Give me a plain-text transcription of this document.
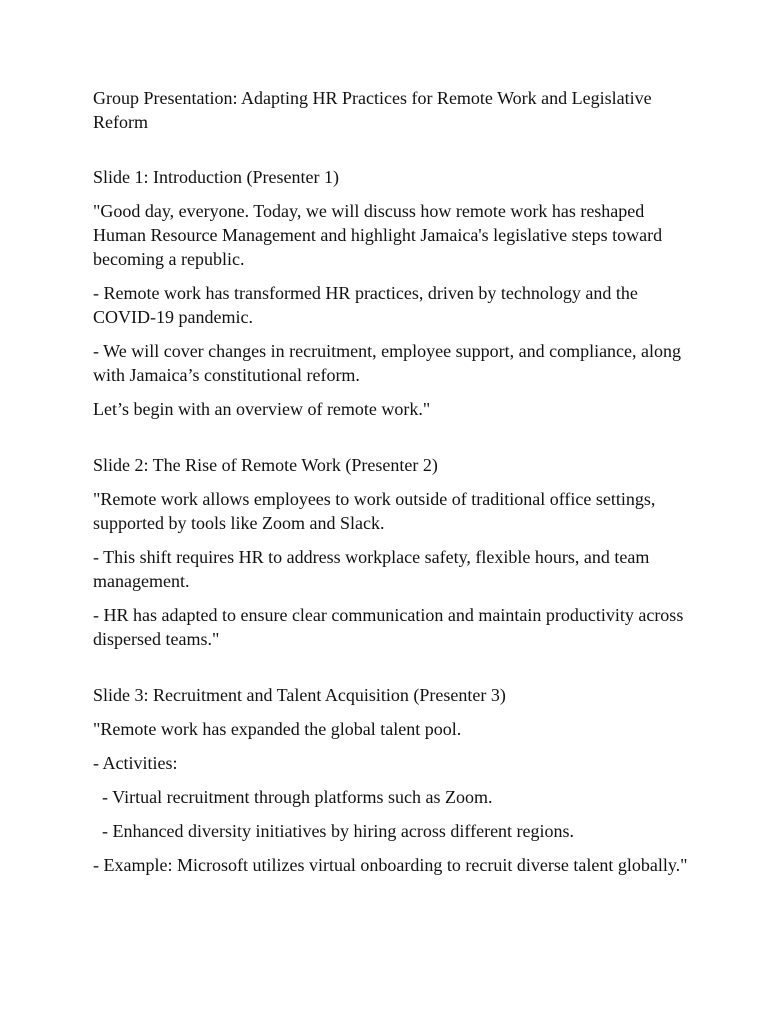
Group Presentation: Adapting HR Practices for Remote Work and Legislative Reform
Slide 1: Introduction (Presenter 1)

"Good day, everyone. Today, we will discuss how remote work has reshaped Human Resource Management and highlight Jamaica's legislative steps toward becoming a republic.

- Remote work has transformed HR practices, driven by technology and the COVID-19 pandemic.

- We will cover changes in recruitment, employee support, and compliance, along with Jamaica’s constitutional reform.

Let’s begin with an overview of remote work."

Slide 2: The Rise of Remote Work (Presenter 2)

"Remote work allows employees to work outside of traditional office settings, supported by tools like Zoom and Slack.

- This shift requires HR to address workplace safety, flexible hours, and team management.

- HR has adapted to ensure clear communication and maintain productivity across dispersed teams."

Slide 3: Recruitment and Talent Acquisition (Presenter 3)

"Remote work has expanded the global talent pool.

- Activities:

- Virtual recruitment through platforms such as Zoom.

- Enhanced diversity initiatives by hiring across different regions.

- Example: Microsoft utilizes virtual onboarding to recruit diverse talent globally."
